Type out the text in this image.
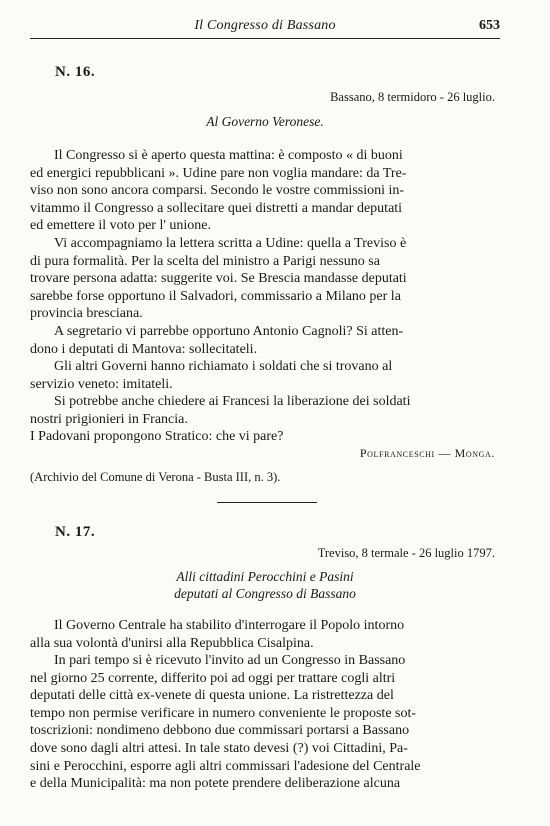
Il Congresso di Bassano	653
N. 16.
Bassano, 8 termidoro - 26 luglio.
Al Governo Veronese.
Il Congresso si è aperto questa mattina: è composto « di buoni
ed energici repubblicani ». Udine pare non voglia mandare: da Tre-
viso non sono ancora comparsi. Secondo le vostre commissioni in-
vitammo il Congresso a sollecitare quei distretti a mandar deputati
ed emettere il voto per l' unione.
Vi accompagniamo la lettera scritta a Udine: quella a Treviso è
di pura formalità. Per la scelta del ministro a Parigi nessuno sa
trovare persona adatta: suggerite voi. Se Brescia mandasse deputati
sarebbe forse opportuno il Salvadori, commissario a Milano per la
provincia bresciana.
A segretario vi parrebbe opportuno Antonio Cagnoli? Si atten-
dono i deputati di Mantova: sollecitateli.
Gli altri Governi hanno richiamato i soldati che si trovano al
servizio veneto: imitateli.
Si potrebbe anche chiedere ai Francesi la liberazione dei soldati
nostri prigionieri in Francia.
I Padovani propongono Stratico: che vi pare?
Polfranceschi — Monga.
(Archivio del Comune di Verona - Busta III, n. 3).
N. 17.
Treviso, 8 termale - 26 luglio 1797.
Alli cittadini Perocchini e Pasini
deputati al Congresso di Bassano
Il Governo Centrale ha stabilito d'interrogare il Popolo intorno
alla sua volontà d'unirsi alla Repubblica Cisalpina.
In pari tempo si è ricevuto l'invito ad un Congresso in Bassano
nel giorno 25 corrente, differito poi ad oggi per trattare cogli altri
deputati delle città ex-venete di questa unione. La ristrettezza del
tempo non permise verificare in numero conveniente le proposte sot-
toscrizioni: nondimeno debbono due commissari portarsi a Bassano
dove sono dagli altri attesi. In tale stato devesi (?) voi Cittadini, Pa-
sini e Perocchini, esporre agli altri commissari l'adesione del Centrale
e della Municipalità: ma non potete prendere deliberazione alcuna
